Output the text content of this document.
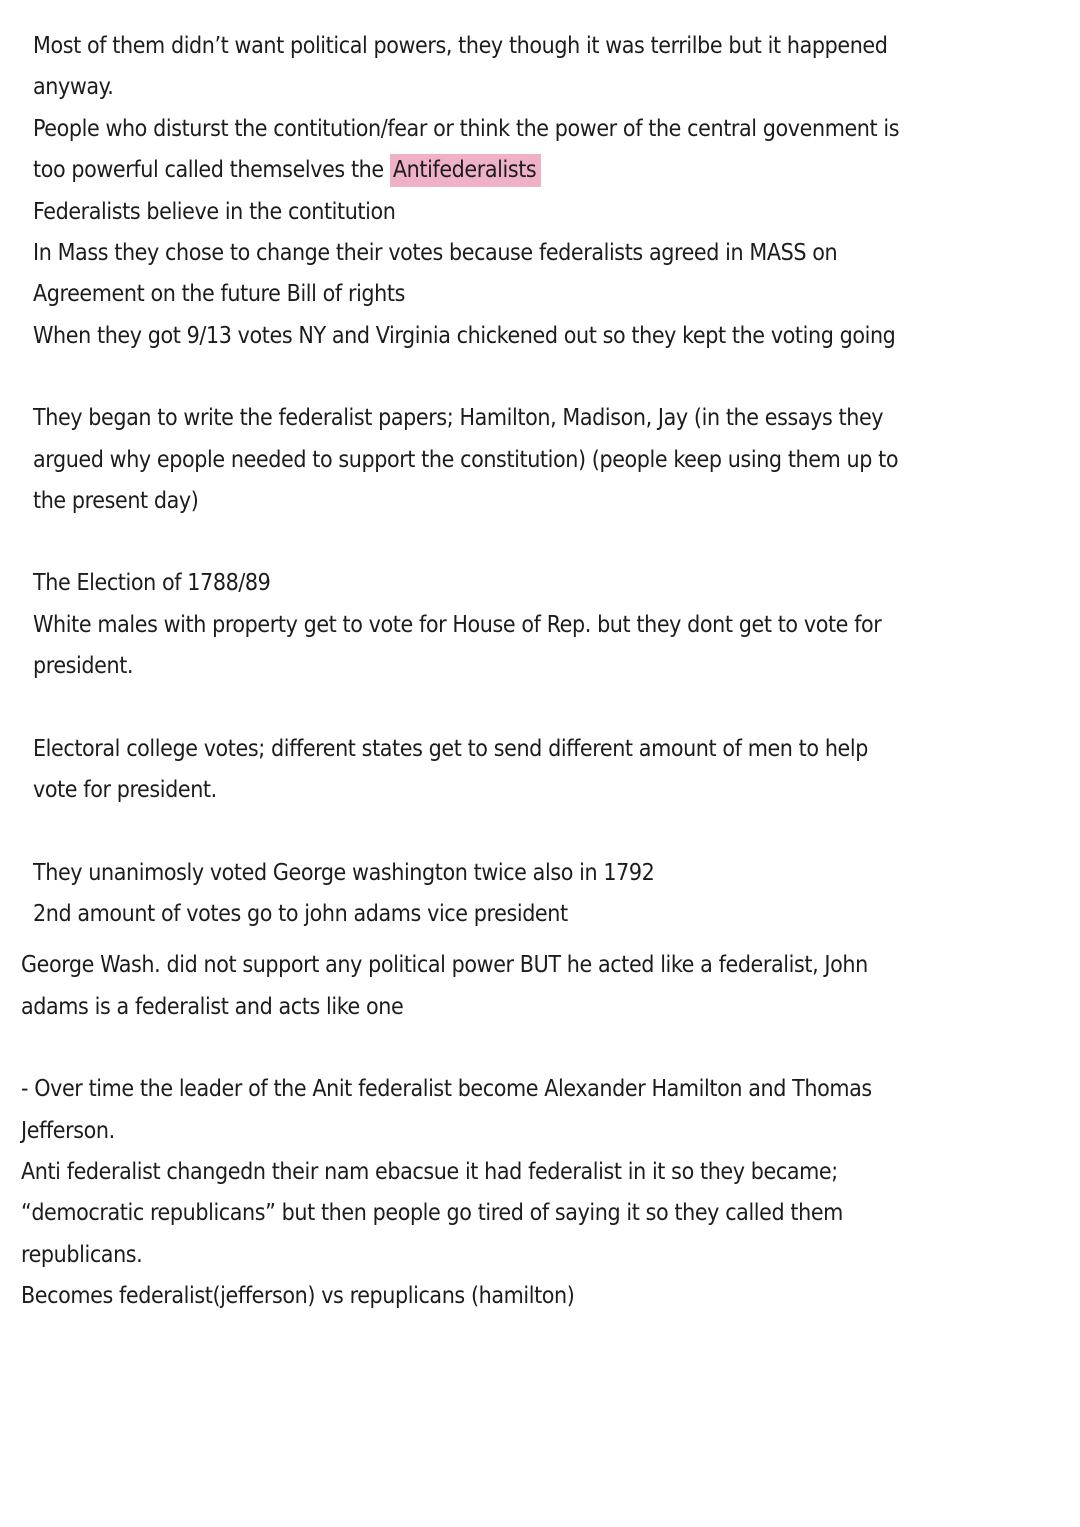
Most of them didn’t want political powers, they though it was terrilbe but it happened
anyway.
People who disturst the contitution/fear or think the power of the central govenment is
too powerful called themselves the Antifederalists
Federalists believe in the contitution
In Mass they chose to change their votes because federalists agreed in MASS on
Agreement on the future Bill of rights
When they got 9/13 votes NY and Virginia chickened out so they kept the voting going
They began to write the federalist papers; Hamilton, Madison, Jay (in the essays they
argued why epople needed to support the constitution) (people keep using them up to
the present day)
The Election of 1788/89
White males with property get to vote for House of Rep. but they dont get to vote for
president.
Electoral college votes; different states get to send different amount of men to help
vote for president.
They unanimosly voted George washington twice also in 1792
2nd amount of votes go to john adams vice president
George Wash. did not support any political power BUT he acted like a federalist, John
adams is a federalist and acts like one
- Over time the leader of the Anit federalist become Alexander Hamilton and Thomas
Jefferson.
Anti federalist changedn their nam ebacsue it had federalist in it so they became;
“democratic republicans” but then people go tired of saying it so they called them
republicans.
Becomes federalist(jefferson) vs repuplicans (hamilton)
